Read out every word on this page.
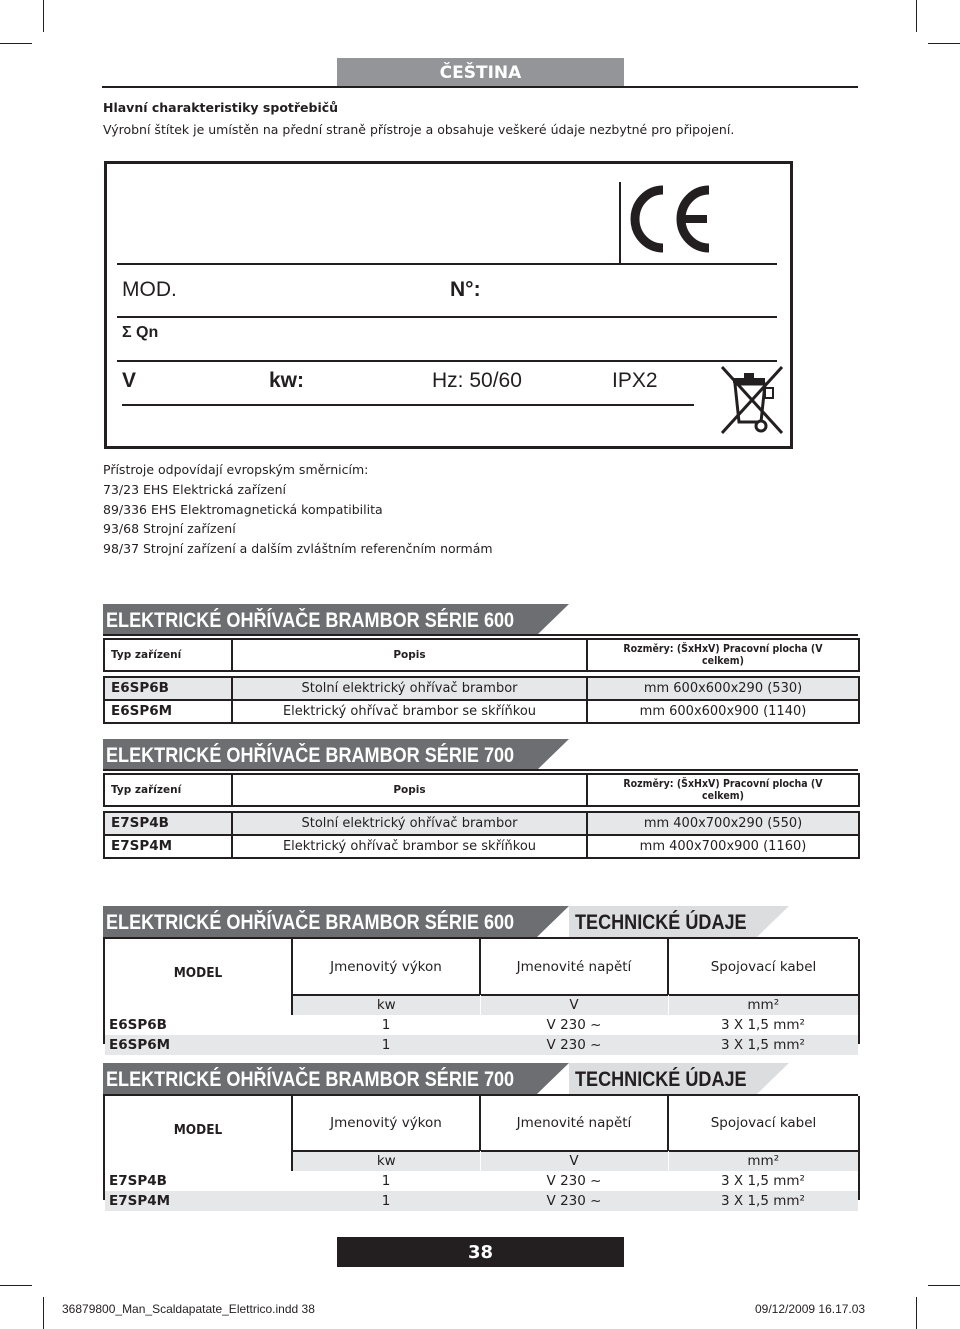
ČEŠTINA
Hlavní charakteristiky spotřebičů
Výrobní štítek je umístěn na přední straně přístroje a obsahuje veškeré údaje nezbytné pro připojení.
MOD.	N°:
Σ Qn
V	kw:	Hz: 50/60	IPX2
Přístroje odpovídají evropským směrnicím:
73/23 EHS Elektrická zařízení
89/336 EHS Elektromagnetická kompatibilita
93/68 Strojní zařízení
98/37 Strojní zařízení a dalším zvláštním referenčním normám
ELEKTRICKÉ OHŘÍVAČE BRAMBOR SÉRIE 600
Typ zařízení	Popis	Rozměry: (ŠxHxV) Pracovní plocha (V celkem)

E6SP6B	Stolní elektrický ohřívač brambor	mm 600x600x290 (530)
E6SP6M	Elektrický ohřívač brambor se skříňkou	mm 600x600x900 (1140)
ELEKTRICKÉ OHŘÍVAČE BRAMBOR SÉRIE 700
Typ zařízení	Popis	Rozměry: (ŠxHxV) Pracovní plocha (V celkem)

E7SP4B	Stolní elektrický ohřívač brambor	mm 400x700x290 (550)
E7SP4M	Elektrický ohřívač brambor se skříňkou	mm 400x700x900 (1160)
ELEKTRICKÉ OHŘÍVAČE BRAMBOR SÉRIE 600	TECHNICKÉ ÚDAJE
MODEL	Jmenovitý výkon	Jmenovité napětí	Spojovací kabel

	kw	V	mm²
E6SP6B	1	V 230 ~	3 X 1,5 mm²
E6SP6M	1	V 230 ~	3 X 1,5 mm²
ELEKTRICKÉ OHŘÍVAČE BRAMBOR SÉRIE 700	TECHNICKÉ ÚDAJE
MODEL	Jmenovitý výkon	Jmenovité napětí	Spojovací kabel

	kw	V	mm²
E7SP4B	1	V 230 ~	3 X 1,5 mm²
E7SP4M	1	V 230 ~	3 X 1,5 mm²
38
36879800_Man_Scaldapatate_Elettrico.indd 38	09/12/2009 16.17.03
